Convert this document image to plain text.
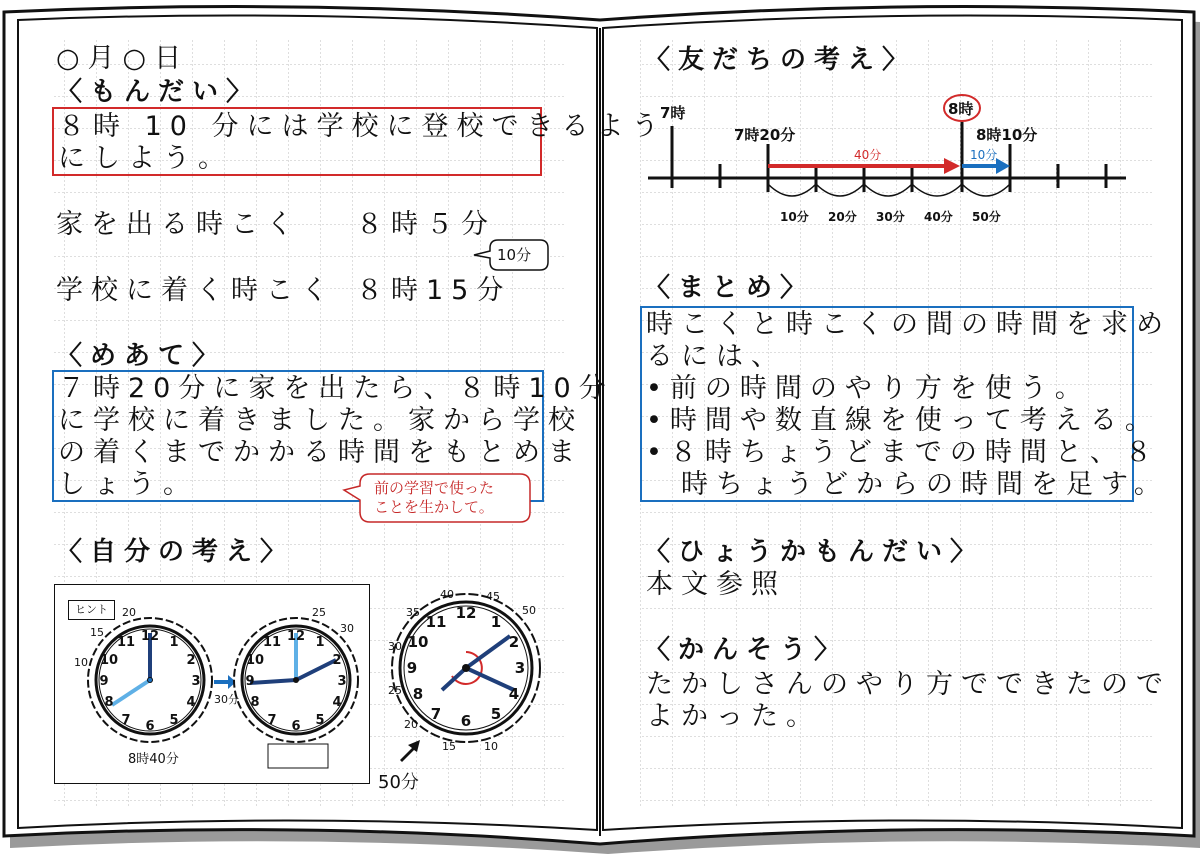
○月○日
〈もんだい〉
８時 10 分には学校に登校できるよう
にしよう。
家を出る時こく ８時５分
学校に着く時こく ８時15分
10分
〈めあて〉
７時20分に家を出たら、８時10分
に学校に着きました。家から学校
の着くまでかかる時間をもとめま
しょう。	前の学習で使った
ことを生かして。
〈自分の考え〉
ヒント
12 1
2
3
4
5
6
7
8
9
10
11	12 1
2
3
4
5
6
7
8
9
10
11
12 1
2
3
4
5
6
7
8
9
10
11
20
15
10
25
30
30分
8時40分
40	45
50
35
30
25
20
15	10
50分
〈友だちの考え〉
7時
7時20分
8時
8時10分
40分	10分
10分 20分 30分 40分 50分
〈まとめ〉
時こくと時こくの間の時間を求め
るには、
•前の時間のやり方を使う。
•時間や数直線を使って考える。
•８時ちょうどまでの時間と、８
　時ちょうどからの時間を足す。
〈ひょうかもんだい〉
本文参照
〈かんそう〉
たかしさんのやり方でできたので
よかった。
